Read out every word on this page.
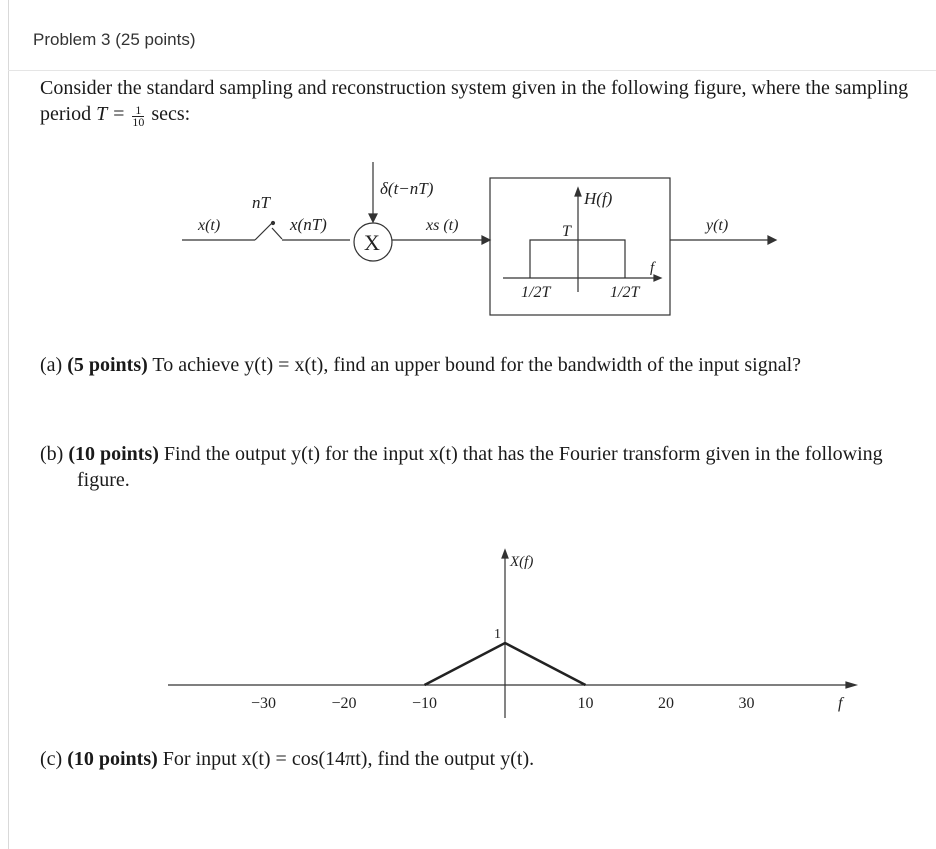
Problem 3 (25 points)
Consider the standard sampling and reconstruction system given in the following figure, where the sampling period $T = \frac{1}{10} \sec s$:
x(t)
nT
x(nT)
δ(t−nT)
X
xs (t)
H(f)
T
f
1/2T	1/2T
y(t)
(a) (5 points) To achieve y(t) = x(t), find an upper bound for the bandwidth of the input signal?
(b) (10 points) Find the output y(t) for the input x(t) that has the Fourier transform given in the following figure.
−30	−20	−10	10	20	30
X(f)
1
f
(c) (10 points) For input x(t) = cos(14πt), find the output y(t).
